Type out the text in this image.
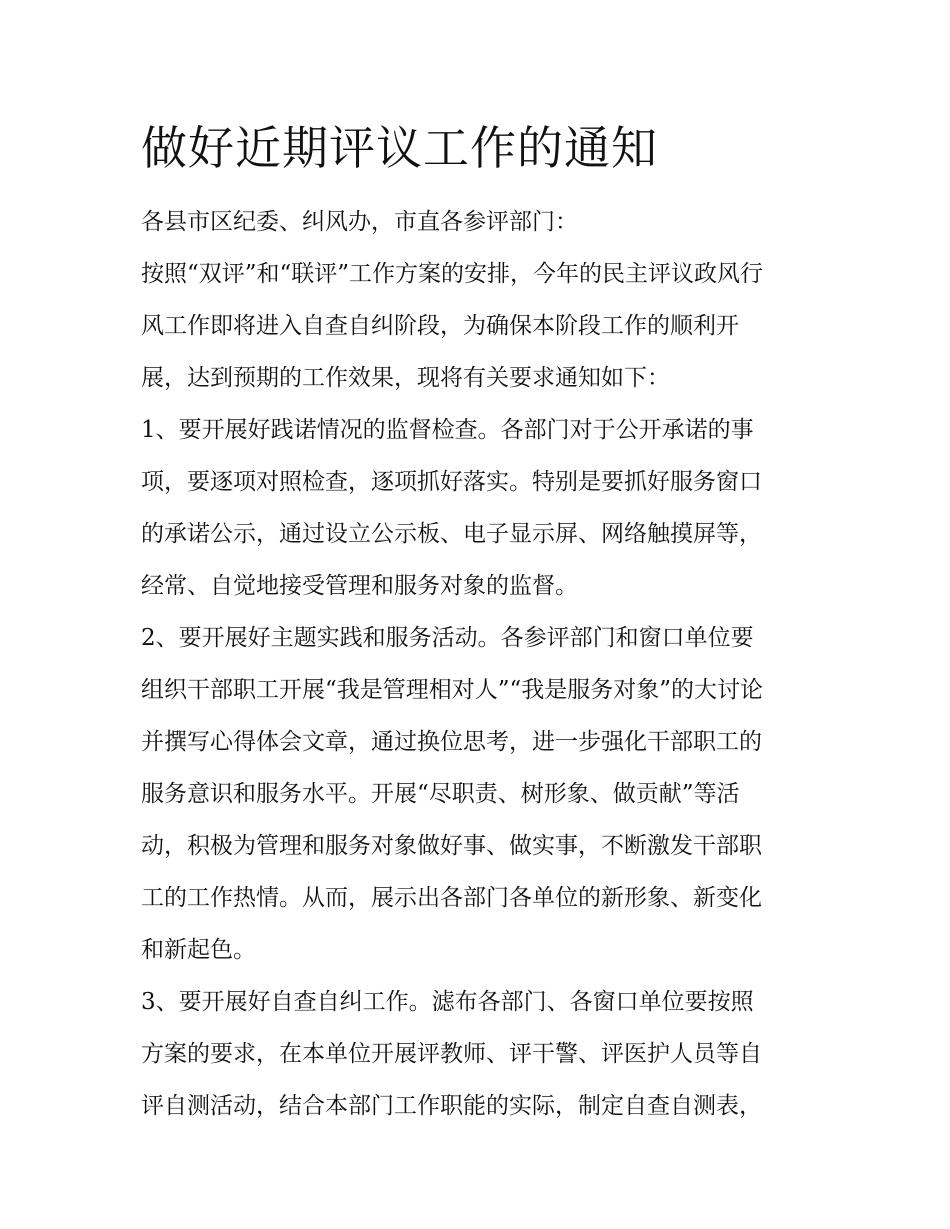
做好近期评议工作的通知
各县市区纪委、纠风办，市直各参评部门：
按照“双评”和“联评”工作方案的安排，今年的民主评议政风行
风工作即将进入自查自纠阶段，为确保本阶段工作的顺利开
展，达到预期的工作效果，现将有关要求通知如下：
1、要开展好践诺情况的监督检查。各部门对于公开承诺的事
项，要逐项对照检查，逐项抓好落实。特别是要抓好服务窗口
的承诺公示，通过设立公示板、电子显示屏、网络触摸屏等，
经常、自觉地接受管理和服务对象的监督。
2、要开展好主题实践和服务活动。各参评部门和窗口单位要
组织干部职工开展“我是管理相对人”“我是服务对象”的大讨论
并撰写心得体会文章，通过换位思考，进一步强化干部职工的
服务意识和服务水平。开展“尽职责、树形象、做贡献”等活
动，积极为管理和服务对象做好事、做实事，不断激发干部职
工的工作热情。从而，展示出各部门各单位的新形象、新变化
和新起色。
3、要开展好自查自纠工作。滤布各部门、各窗口单位要按照
方案的要求，在本单位开展评教师、评干警、评医护人员等自
评自测活动，结合本部门工作职能的实际，制定自查自测表，
